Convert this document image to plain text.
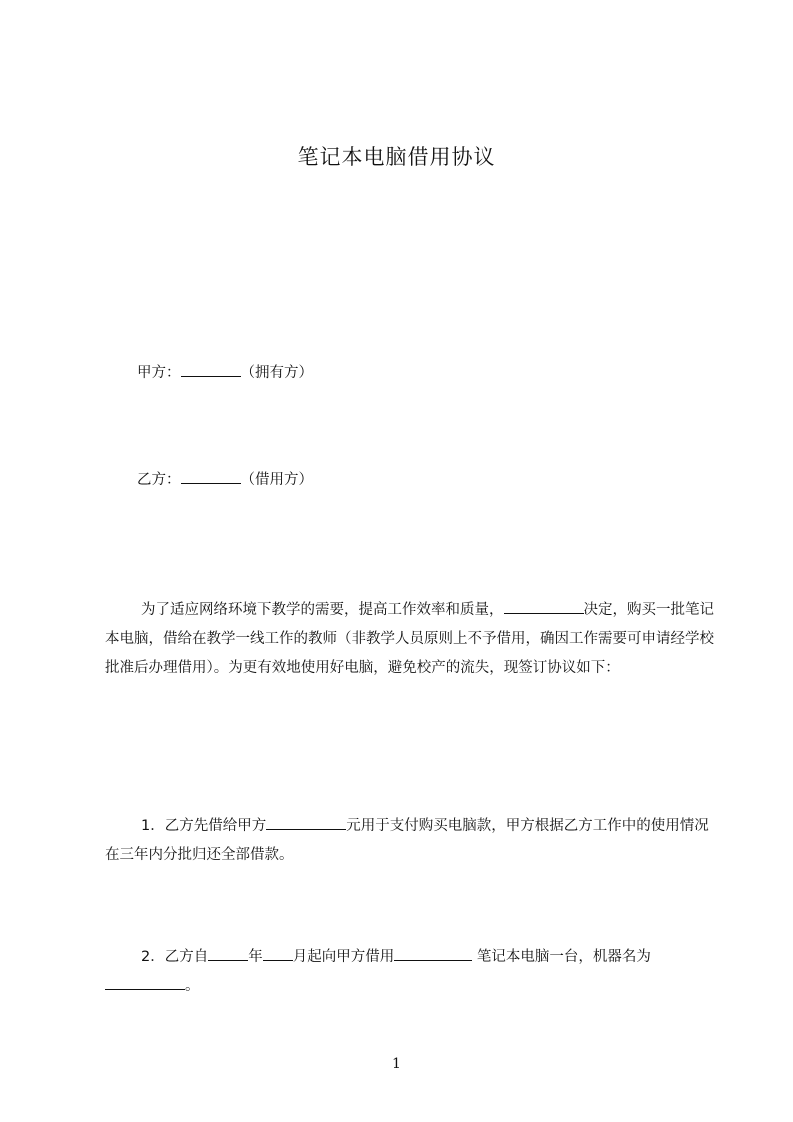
笔记本电脑借用协议
甲方：	（拥有方）
乙方：	（借用方）
为了适应网络环境下教学的需要，提高工作效率和质量，	决定，购买一批笔记本电脑，借给在教学一线工作的教师（非教学人员原则上不予借用，确因工作需要可申请经学校批准后办理借用）。为更有效地使用好电脑，避免校产的流失，现签订协议如下：
1．乙方先借给甲方	元用于支付购买电脑款，甲方根据乙方工作中的使用情况在三年内分批归还全部借款。
2．乙方自	年 月起向甲方借用	笔记本电脑一台，机器名为。
1
